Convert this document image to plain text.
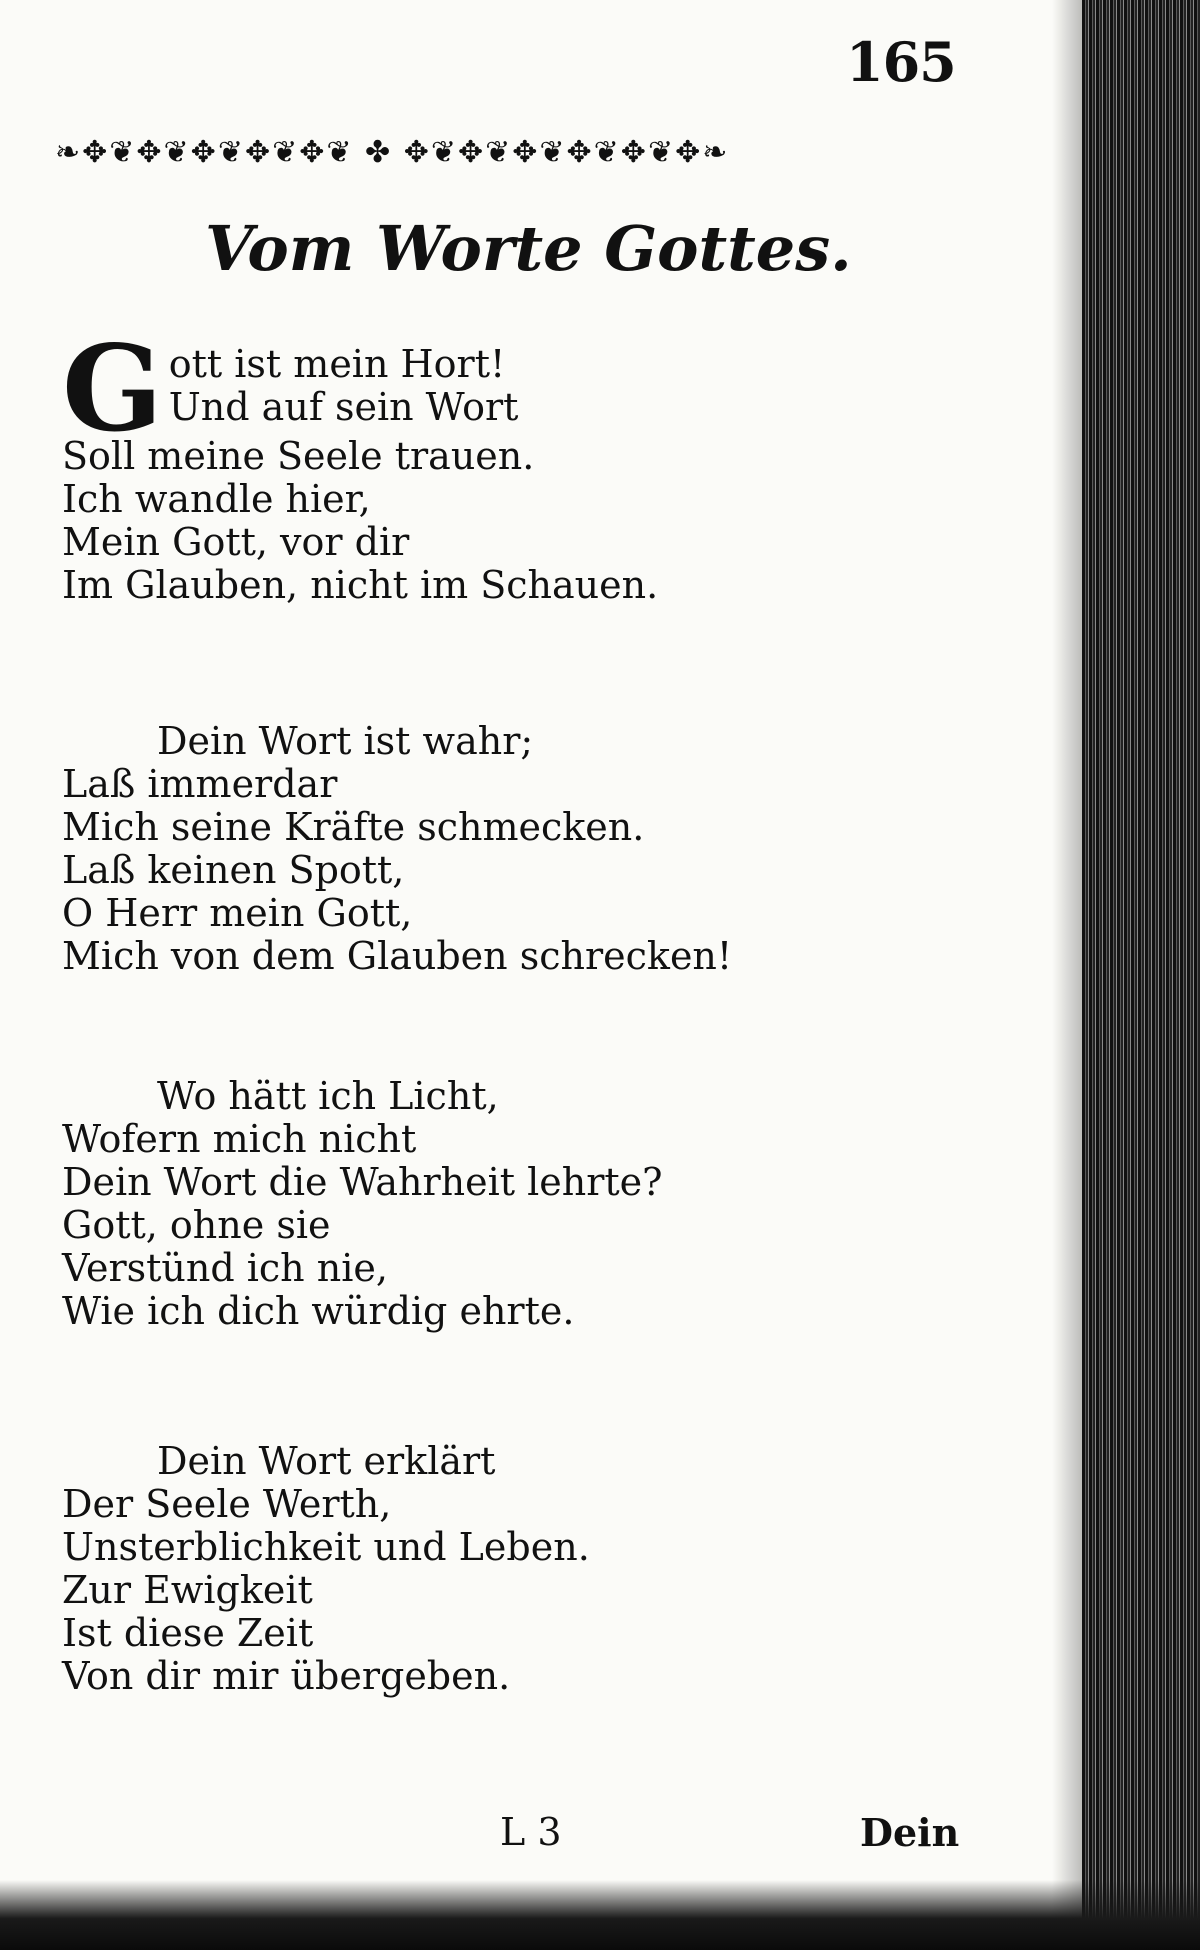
165
❧✥❦✥❦✥❦✥❦✥❦ ✤ ✥❦✥❦✥❦✥❦✥❦✥❧
Vom Worte Gottes.
G ott ist mein Hort!
Und auf sein Wort
Soll meine Seele trauen.
Ich wandle hier,
Mein Gott, vor dir
Im Glauben, nicht im Schauen.
Dein Wort ist wahr;
Laß immerdar
Mich seine Kräfte schmecken.
Laß keinen Spott,
O Herr mein Gott,
Mich von dem Glauben schrecken!
Wo hätt ich Licht,
Wofern mich nicht
Dein Wort die Wahrheit lehrte?
Gott, ohne sie
Verstünd ich nie,
Wie ich dich würdig ehrte.
Dein Wort erklärt
Der Seele Werth,
Unsterblichkeit und Leben.
Zur Ewigkeit
Ist diese Zeit
Von dir mir übergeben.
L 3	Dein
